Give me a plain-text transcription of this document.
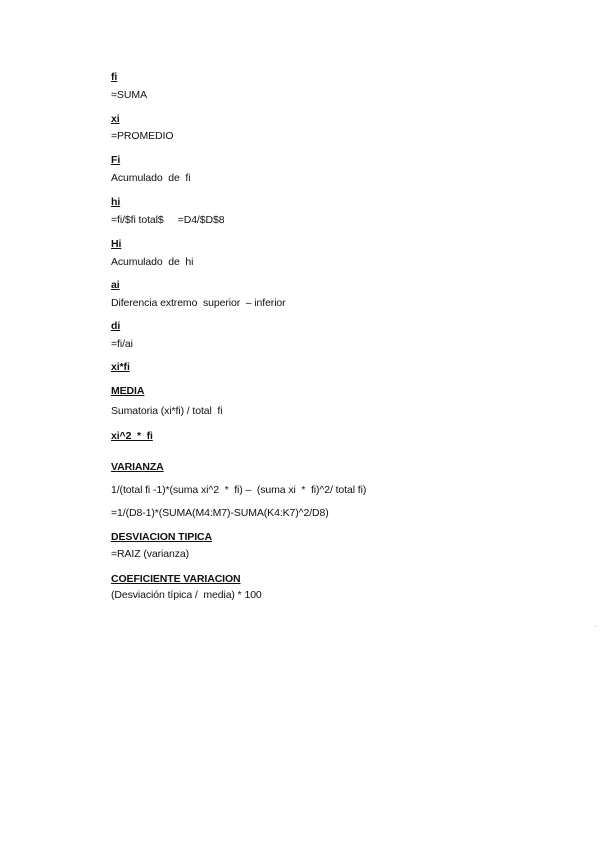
fi
=SUMA
xi
=PROMEDIO
Fi
Acumulado  de  fi
hi
=fi/$fi total$     =D4/$D$8
Hi
Acumulado  de  hi
ai
Diferencia extremo  superior  – inferior
di
=fi/ai
xi*fi
MEDIA
Sumatoria (xi*fi) / total  fi
xi^2  *  fi
VARIANZA
1/(total fi -1)*(suma xi^2  *  fi) –  (suma xi  *  fi)^2/ total fi)
=1/(D8-1)*(SUMA(M4:M7)-SUMA(K4:K7)^2/D8)
DESVIACION TIPICA
=RAIZ (varianza)
COEFICIENTE VARIACION
(Desviación típica /  media) * 100
·
